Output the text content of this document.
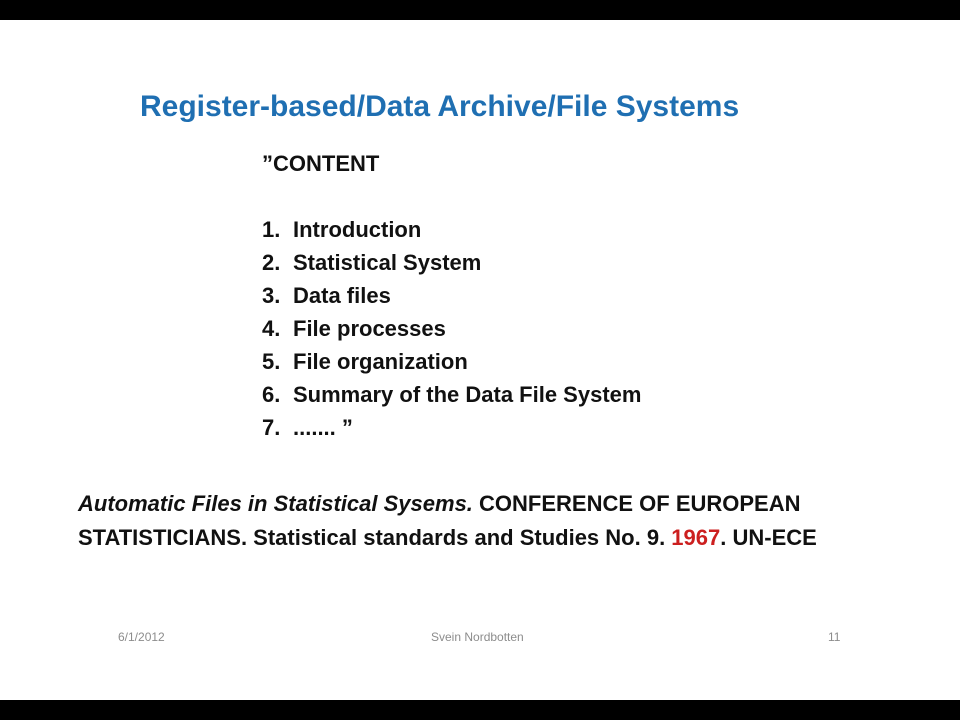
Register-based/Data Archive/File Systems
”CONTENT
1. Introduction
2. Statistical System
3. Data files
4. File processes
5. File organization
6. Summary of the Data File System
7. ....... ”
Automatic Files in Statistical Sysems. CONFERENCE OF EUROPEAN STATISTICIANS. Statistical standards and Studies No. 9. 1967. UN-ECE
6/1/2012	Svein Nordbotten	11
